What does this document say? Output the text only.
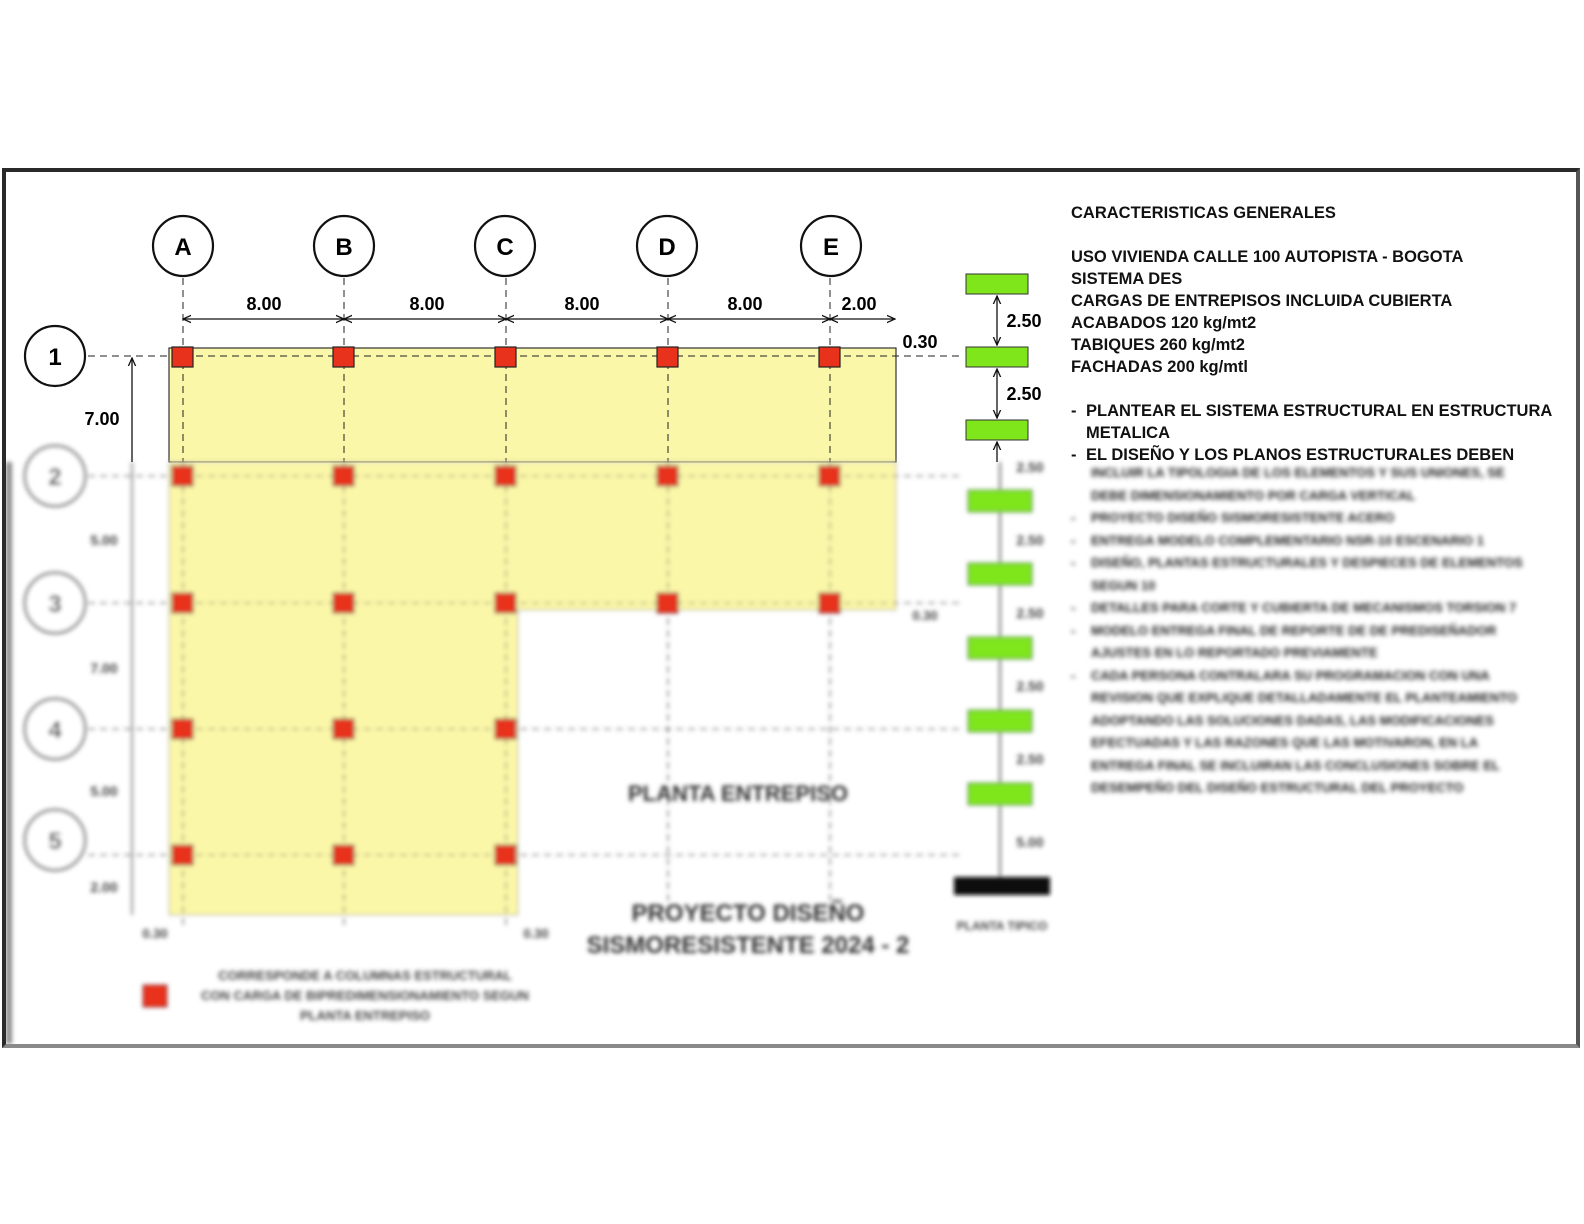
A	B	C	D	E
1
8.00	8.00	8.00	8.00	2.00
0.30
7.00
2.50
2.50
2
3
4
5
5.00
7.00
5.00
2.00
0.30	0.30
0.30
PLANTA ENTREPISO
PROYECTO DISEÑO
SISMORESISTENTE 2024 - 2
CORRESPONDE A COLUMNAS ESTRUCTURAL
CON CARGA DE BIPREDIMENSIONAMIENTO SEGUN
PLANTA ENTREPISO
2.50
2.50
2.50
2.50
2.50
5.00
PLANTA TIPICO
CARACTERISTICAS GENERALES
USO VIVIENDA CALLE 100 AUTOPISTA - BOGOTA
SISTEMA DES
CARGAS DE ENTREPISOS INCLUIDA CUBIERTA
ACABADOS 120 kg/mt2
TABIQUES 260 kg/mt2
FACHADAS 200 kg/mtl
- PLANTEAR EL SISTEMA ESTRUCTURAL EN ESTRUCTURA METALICA
- EL DISEÑO Y LOS PLANOS ESTRUCTURALES DEBEN
INCLUIR LA TIPOLOGIA DE LOS ELEMENTOS Y SUS UNIONES, SE DEBE DIMENSIONAMIENTO POR CARGA VERTICAL
-	PROYECTO DISEÑO SISMORESISTENTE ACERO
-	ENTREGA MODELO COMPLEMENTARIO NSR-10 ESCENARIO 1
-	DISEÑO, PLANTAS ESTRUCTURALES Y DESPIECES DE ELEMENTOS SEGUN 10
-	DETALLES PARA CORTE Y CUBIERTA DE MECANISMOS TORSION 7
-	MODELO ENTREGA FINAL DE REPORTE DE DE PREDISEÑADOR AJUSTES EN LO REPORTADO PREVIAMENTE
-	CADA PERSONA CONTRALARA SU PROGRAMACION CON UNA REVISION QUE EXPLIQUE DETALLADAMENTE EL PLANTEAMIENTO ADOPTANDO LAS SOLUCIONES DADAS, LAS MODIFICACIONES EFECTUADAS Y LAS RAZONES QUE LAS MOTIVARON, EN LA ENTREGA FINAL SE INCLUIRAN LAS CONCLUSIONES SOBRE EL DESEMPEÑO DEL DISEÑO ESTRUCTURAL DEL PROYECTO
